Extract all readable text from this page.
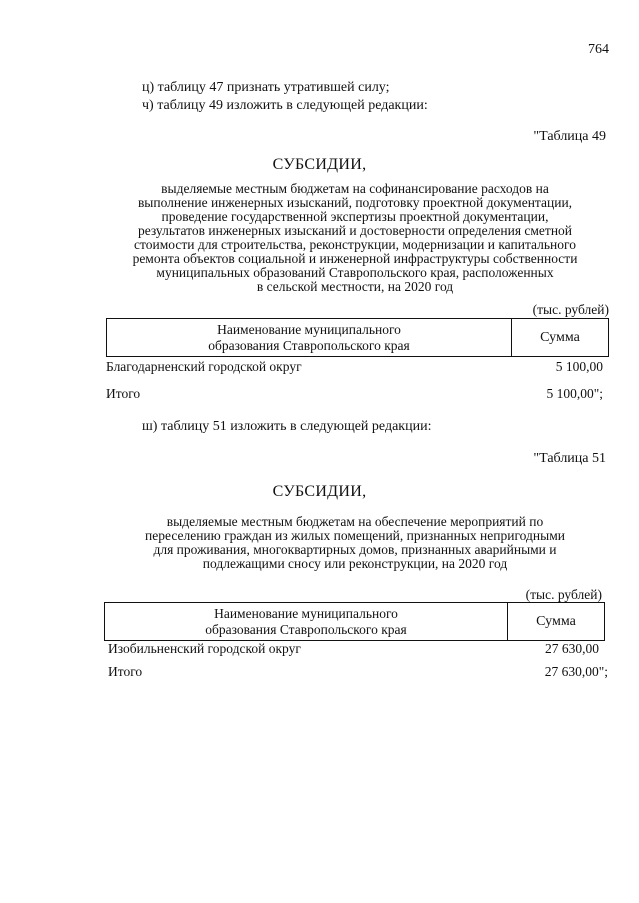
764
ц) таблицу 47 признать утратившей силу;
ч) таблицу 49 изложить в следующей редакции:
"Таблица 49
СУБСИДИИ,
выделяемые местным бюджетам на софинансирование расходов на
выполнение инженерных изысканий, подготовку проектной документации,
проведение государственной экспертизы проектной документации,
результатов инженерных изысканий и достоверности определения сметной
стоимости для строительства, реконструкции, модернизации и капитального
ремонта объектов социальной и инженерной инфраструктуры собственности
муниципальных образований Ставропольского края, расположенных
в сельской местности, на 2020 год
(тыс. рублей)
Наименование муниципального
образования Ставропольского края	Сумма
Благодарненский городской округ	5 100,00
Итого	5 100,00";
ш) таблицу 51 изложить в следующей редакции:
"Таблица 51
СУБСИДИИ,
выделяемые местным бюджетам на обеспечение мероприятий по
переселению граждан из жилых помещений, признанных непригодными
для проживания, многоквартирных домов, признанных аварийными и
подлежащими сносу или реконструкции, на 2020 год
(тыс. рублей)
Наименование муниципального
образования Ставропольского края	Сумма
Изобильненский городской округ	27 630,00
Итого	27 630,00";
